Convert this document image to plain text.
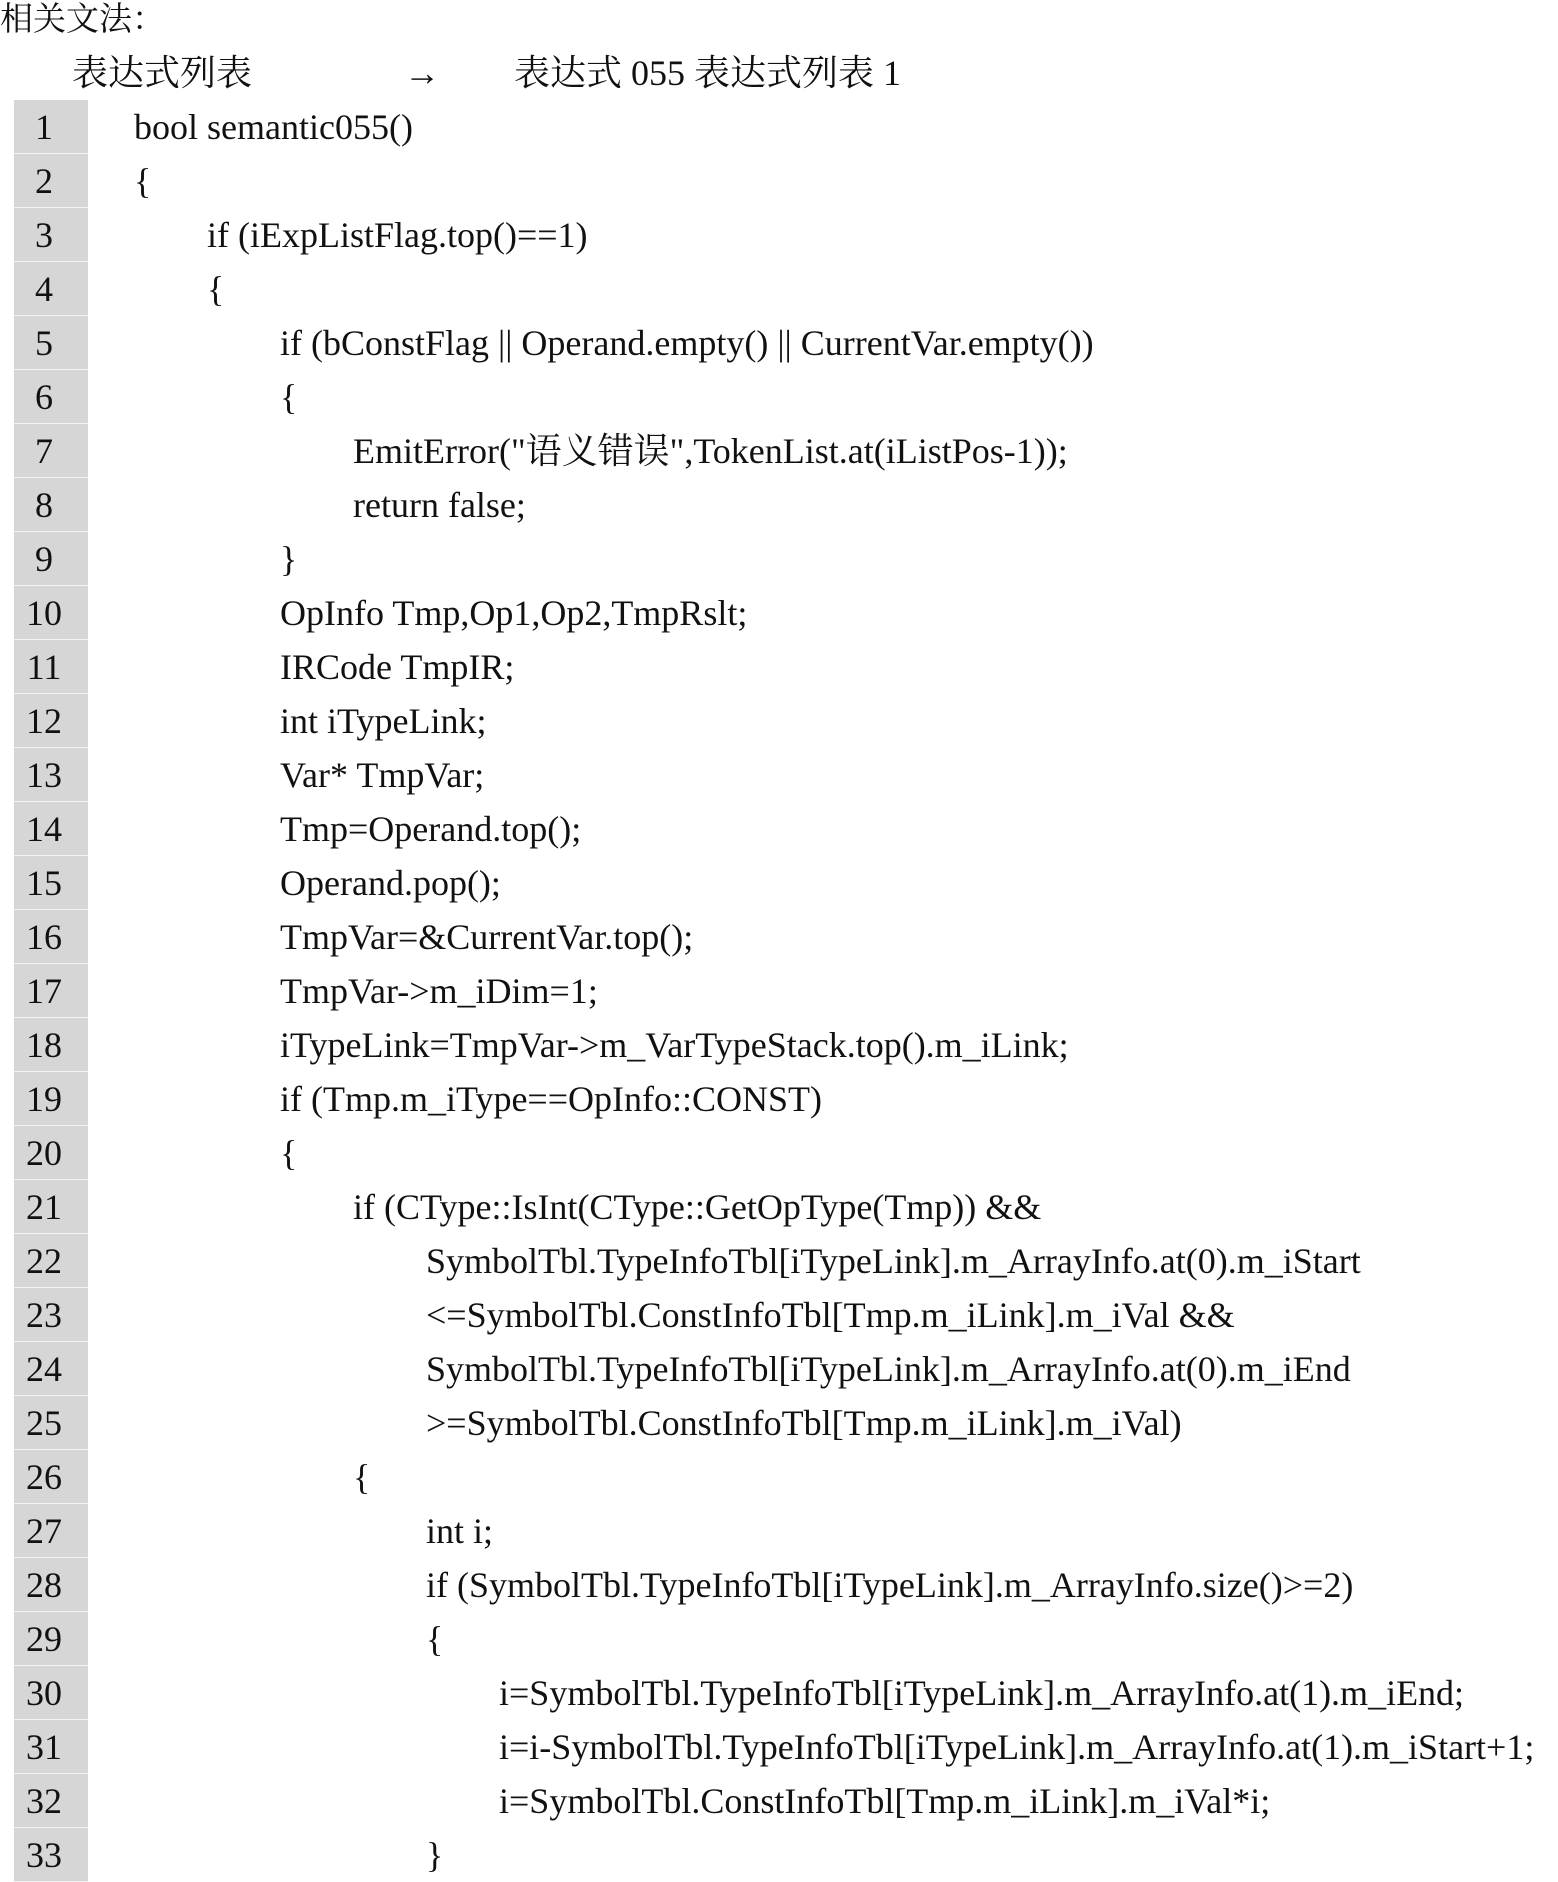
相关文法：
表达式列表	→ 表达式 055 表达式列表 1
1	bool semantic055()
2	{
3	if (iExpListFlag.top()==1)
4	{
5	if (bConstFlag || Operand.empty() || CurrentVar.empty())
6	{
7	EmitError("语义错误",TokenList.at(iListPos-1));
8	return false;
9	}
10	OpInfo Tmp,Op1,Op2,TmpRslt;
11	IRCode TmpIR;
12	int iTypeLink;
13	Var* TmpVar;
14	Tmp=Operand.top();
15	Operand.pop();
16	TmpVar=&CurrentVar.top();
17	TmpVar->m_iDim=1;
18	iTypeLink=TmpVar->m_VarTypeStack.top().m_iLink;
19	if (Tmp.m_iType==OpInfo::CONST)
20	{
21	if (CType::IsInt(CType::GetOpType(Tmp)) &&
22	SymbolTbl.TypeInfoTbl[iTypeLink].m_ArrayInfo.at(0).m_iStart
23	<=SymbolTbl.ConstInfoTbl[Tmp.m_iLink].m_iVal &&
24	SymbolTbl.TypeInfoTbl[iTypeLink].m_ArrayInfo.at(0).m_iEnd
25	>=SymbolTbl.ConstInfoTbl[Tmp.m_iLink].m_iVal)
26	{
27	int i;
28	if (SymbolTbl.TypeInfoTbl[iTypeLink].m_ArrayInfo.size()>=2)
29	{
30	i=SymbolTbl.TypeInfoTbl[iTypeLink].m_ArrayInfo.at(1).m_iEnd;
31	i=i-SymbolTbl.TypeInfoTbl[iTypeLink].m_ArrayInfo.at(1).m_iStart+1;
32	i=SymbolTbl.ConstInfoTbl[Tmp.m_iLink].m_iVal*i;
33	}
